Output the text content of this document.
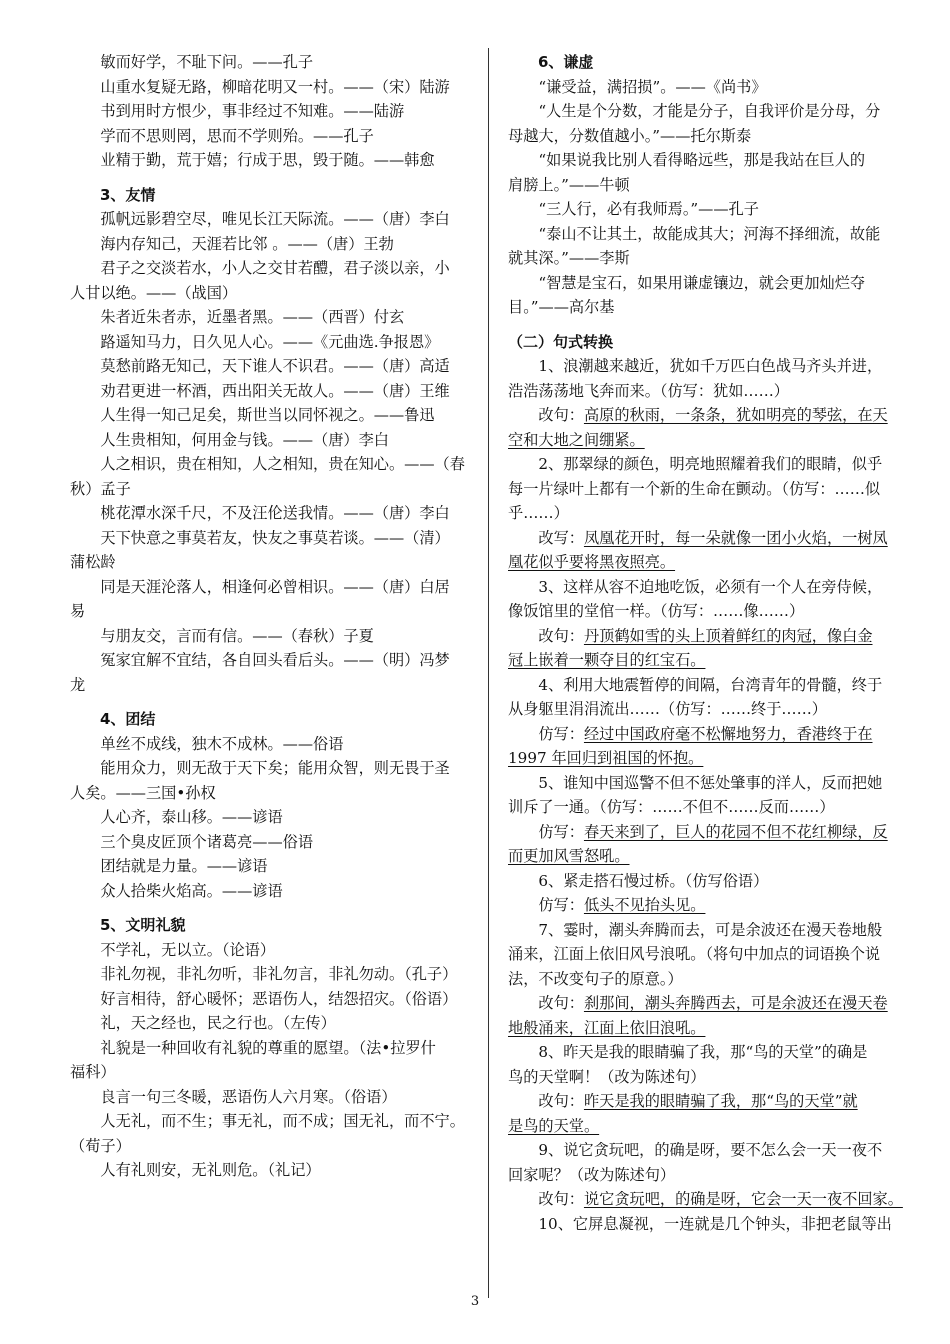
　　敏而好学，不耻下问。——孔子
　　山重水复疑无路，柳暗花明又一村。——（宋）陆游
　　书到用时方恨少，事非经过不知难。——陆游
　　学而不思则罔，思而不学则殆。——孔子
　　业精于勤，荒于嬉；行成于思，毁于随。——韩愈
　　3、友情
　　孤帆远影碧空尽，唯见长江天际流。——（唐）李白
　　海内存知己，天涯若比邻 。——（唐）王勃
　　君子之交淡若水，小人之交甘若醴，君子淡以亲，小
人甘以绝。——（战国）
　　朱者近朱者赤，近墨者黑。——（西晋）付玄
　　路遥知马力，日久见人心。——《元曲选.争报恩》
　　莫愁前路无知己，天下谁人不识君。——（唐）高适
　　劝君更进一杯酒，西出阳关无故人。——（唐）王维
　　人生得一知己足矣，斯世当以同怀视之。——鲁迅
　　人生贵相知，何用金与钱。——（唐）李白
　　人之相识，贵在相知，人之相知，贵在知心。——（春
秋）孟子
　　桃花潭水深千尺，不及汪伦送我情。——（唐）李白
　　天下快意之事莫若友，快友之事莫若谈。——（清）
蒲松龄
　　同是天涯沦落人，相逢何必曾相识。——（唐）白居
易
　　与朋友交，言而有信。——（春秋）子夏
　　冤家宜解不宜结，各自回头看后头。——（明）冯梦
龙
　　4、团结
　　单丝不成线，独木不成林。——俗语
　　能用众力，则无敌于天下矣；能用众智，则无畏于圣
人矣。——三国•孙权
　　人心齐，泰山移。——谚语
　　三个臭皮匠顶个诸葛亮——俗语
　　团结就是力量。——谚语
　　众人拾柴火焰高。——谚语
　　5、文明礼貌
　　不学礼，无以立。（论语）
　　非礼勿视，非礼勿听，非礼勿言，非礼勿动。（孔子）
　　好言相待，舒心暖怀；恶语伤人，结怨招灾。（俗语）
　　礼，天之经也，民之行也。（左传）
　　礼貌是一种回收有礼貌的尊重的愿望。（法•拉罗什
福科）
　　良言一句三冬暖，恶语伤人六月寒。（俗语）
　　人无礼，而不生；事无礼，而不成；国无礼，而不宁。
（荀子）
　　人有礼则安，无礼则危。（礼记）
　　6、谦虚
　　“谦受益，满招损”。——《尚书》
　　“人生是个分数，才能是分子，自我评价是分母，分
母越大，分数值越小。”——托尔斯泰
　　“如果说我比别人看得略远些，那是我站在巨人的
肩膀上。”——牛顿
　　“三人行，必有我师焉。”——孔子
　　“泰山不让其土，故能成其大；河海不择细流，故能
就其深。”——李斯
　　“智慧是宝石，如果用谦虚镶边，就会更加灿烂夺
目。”——高尔基
（二）句式转换
　　1、浪潮越来越近，犹如千万匹白色战马齐头并进，
浩浩荡荡地飞奔而来。（仿写：犹如……）
　　改句：高原的秋雨，一条条，犹如明亮的琴弦，在天
空和大地之间绷紧。
　　2、那翠绿的颜色，明亮地照耀着我们的眼睛，似乎
每一片绿叶上都有一个新的生命在颤动。（仿写：……似
乎……）
　　改写：凤凰花开时，每一朵就像一团小火焰，一树凤
凰花似乎要将黑夜照亮。
　　3、这样从容不迫地吃饭，必须有一个人在旁侍候，
像饭馆里的堂倌一样。（仿写：……像……）
　　改句：丹顶鹤如雪的头上顶着鲜红的肉冠，像白金
冠上嵌着一颗夺目的红宝石。
　　4、利用大地震暂停的间隔，台湾青年的骨髓，终于
从身躯里涓涓流出……（仿写：……终于……）
　　仿写：经过中国政府毫不松懈地努力，香港终于在
1997 年回归到祖国的怀抱。
　　5、谁知中国巡警不但不惩处肇事的洋人，反而把她
训斥了一通。（仿写：……不但不……反而……）
　　仿写：春天来到了，巨人的花园不但不花红柳绿，反
而更加风雪怒吼。
　　6、紧走搭石慢过桥。（仿写俗语）
　　仿写：低头不见抬头见。
　　7、霎时，潮头奔腾而去，可是余波还在漫天卷地般
涌来，江面上依旧风号浪吼。（将句中加点的词语换个说
法，不改变句子的原意。）
　　改句：刹那间，潮头奔腾西去，可是余波还在漫天卷
地般涌来，江面上依旧浪吼。
　　8、昨天是我的眼睛骗了我，那“鸟的天堂”的确是
鸟的天堂啊！（改为陈述句）
　　改句：昨天是我的眼睛骗了我，那“鸟的天堂”就
是鸟的天堂。
　　9、说它贪玩吧，的确是呀，要不怎么会一天一夜不
回家呢？（改为陈述句）
　　改句：说它贪玩吧，的确是呀，它会一天一夜不回家。
　　10、它屏息凝视，一连就是几个钟头，非把老鼠等出
3
